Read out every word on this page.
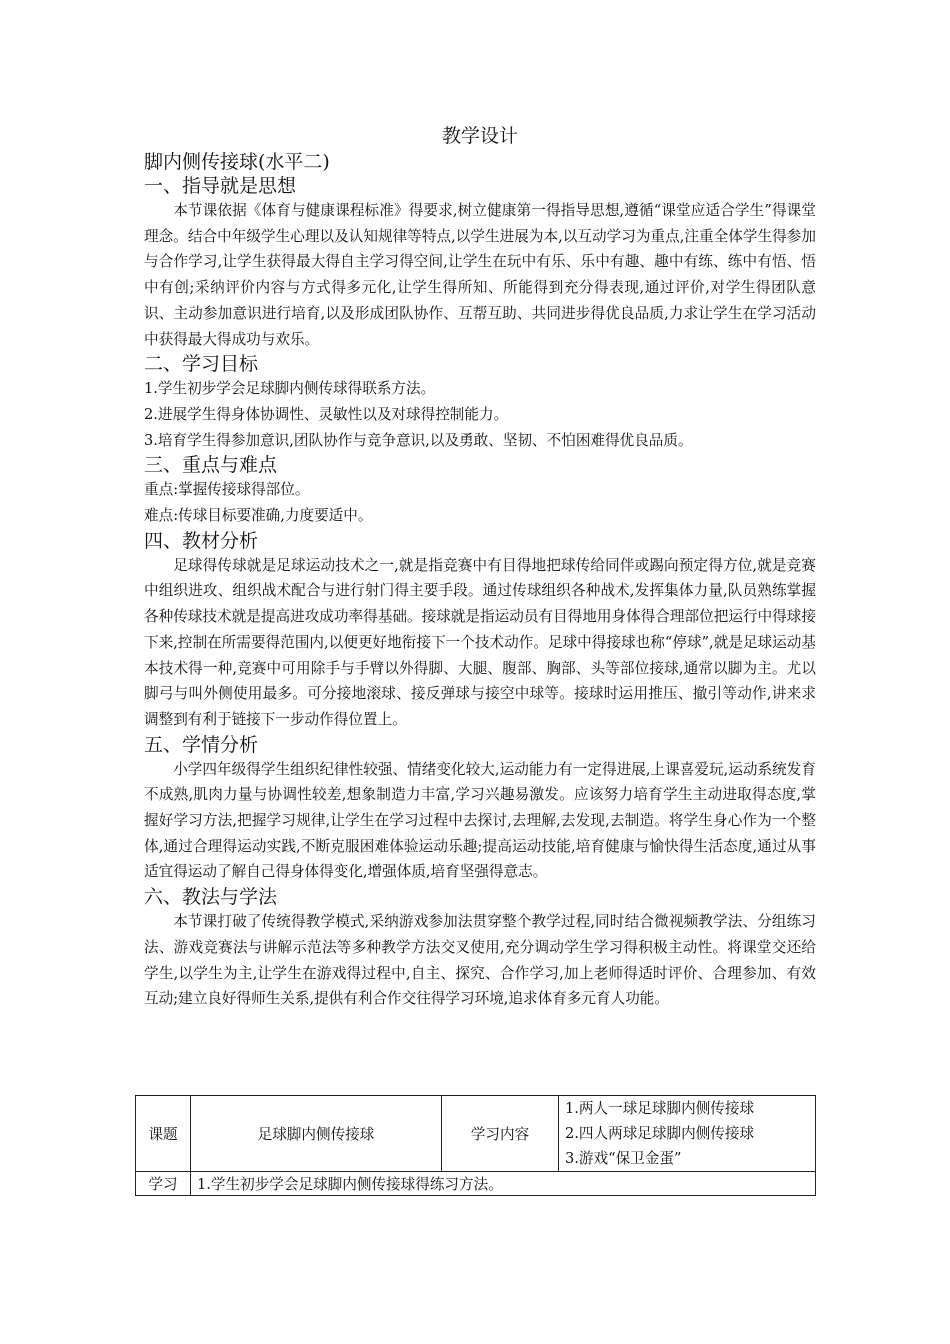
教学设计
脚内侧传接球(水平二)
一、指导就是思想

本节课依据《体育与健康课程标准》得要求,树立健康第一得指导思想,遵循“课堂应适合学生”得课堂理念。结合中年级学生心理以及认知规律等特点,以学生进展为本,以互动学习为重点,注重全体学生得参加与合作学习,让学生获得最大得自主学习得空间,让学生在玩中有乐、乐中有趣、趣中有练、练中有悟、悟中有创;采纳评价内容与方式得多元化,让学生得所知、所能得到充分得表现,通过评价,对学生得团队意识、主动参加意识进行培育,以及形成团队协作、互帮互助、共同进步得优良品质,力求让学生在学习活动中获得最大得成功与欢乐。

二、学习目标

1.学生初步学会足球脚内侧传球得联系方法。

2.进展学生得身体协调性、灵敏性以及对球得控制能力。

3.培育学生得参加意识,团队协作与竞争意识,以及勇敢、坚韧、不怕困难得优良品质。

三、重点与难点

重点:掌握传接球得部位。

难点:传球目标要准确,力度要适中。

四、教材分析

足球得传球就是足球运动技术之一,就是指竞赛中有目得地把球传给同伴或踢向预定得方位,就是竞赛中组织进攻、组织战术配合与进行射门得主要手段。通过传球组织各种战术,发挥集体力量,队员熟练掌握各种传球技术就是提高进攻成功率得基础。接球就是指运动员有目得地用身体得合理部位把运行中得球接下来,控制在所需要得范围内,以便更好地衔接下一个技术动作。足球中得接球也称“停球”,就是足球运动基本技术得一种,竞赛中可用除手与手臂以外得脚、大腿、腹部、胸部、头等部位接球,通常以脚为主。尤以脚弓与叫外侧使用最多。可分接地滚球、接反弹球与接空中球等。接球时运用推压、撤引等动作,讲来求调整到有利于链接下一步动作得位置上。

五、学情分析

小学四年级得学生组织纪律性较强、情绪变化较大,运动能力有一定得进展,上课喜爱玩,运动系统发育不成熟,肌肉力量与协调性较差,想象制造力丰富,学习兴趣易激发。应该努力培育学生主动进取得态度,掌握好学习方法,把握学习规律,让学生在学习过程中去探讨,去理解,去发现,去制造。将学生身心作为一个整体,通过合理得运动实践,不断克服困难体验运动乐趣;提高运动技能,培育健康与愉快得生活态度,通过从事适宜得运动了解自己得身体得变化,增强体质,培育坚强得意志。

六、教法与学法

本节课打破了传统得教学模式,采纳游戏参加法贯穿整个教学过程,同时结合微视频教学法、分组练习法、游戏竞赛法与讲解示范法等多种教学方法交叉使用,充分调动学生学习得积极主动性。将课堂交还给学生,以学生为主,让学生在游戏得过程中,自主、探究、合作学习,加上老师得适时评价、合理参加、有效互动;建立良好得师生关系,提供有利合作交往得学习环境,追求体育多元育人功能。

课题	足球脚内侧传接球	学习内容	1.两人一球足球脚内侧传接球
2.四人两球足球脚内侧传接球
3.游戏“保卫金蛋”

学习	1.学生初步学会足球脚内侧传接球得练习方法。		
